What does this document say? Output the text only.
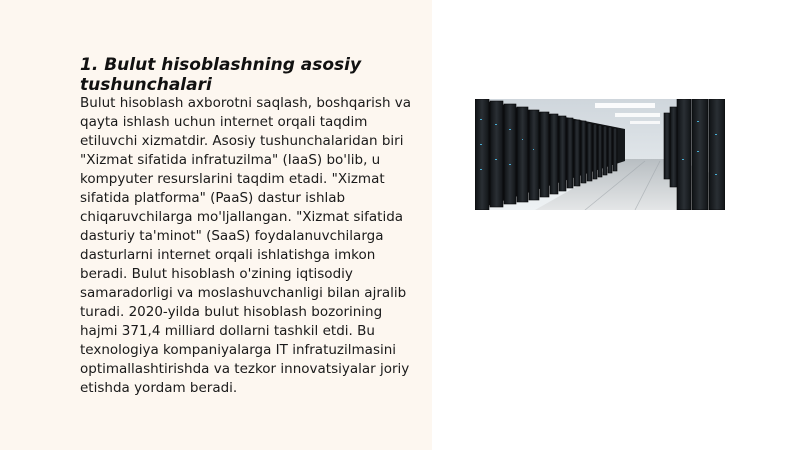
1. Bulut hisoblashning asosiy tushunchalari

Bulut hisoblash axborotni saqlash, boshqarish va qayta ishlash uchun internet orqali taqdim etiluvchi xizmatdir. Asosiy tushunchalaridan biri "Xizmat sifatida infratuzilma" (IaaS) bo'lib, u kompyuter resurslarini taqdim etadi. "Xizmat sifatida platforma" (PaaS) dastur ishlab chiqaruvchilarga mo'ljallangan. "Xizmat sifatida dasturiy ta'minot" (SaaS) foydalanuvchilarga dasturlarni internet orqali ishlatishga imkon beradi. Bulut hisoblash o'zining iqtisodiy samaradorligi va moslashuvchanligi bilan ajralib turadi. 2020-yilda bulut hisoblash bozorining hajmi 371,4 milliard dollarni tashkil etdi. Bu texnologiya kompaniyalarga IT infratuzilmasini optimallashtirishda va tezkor innovatsiyalar joriy etishda yordam beradi.
